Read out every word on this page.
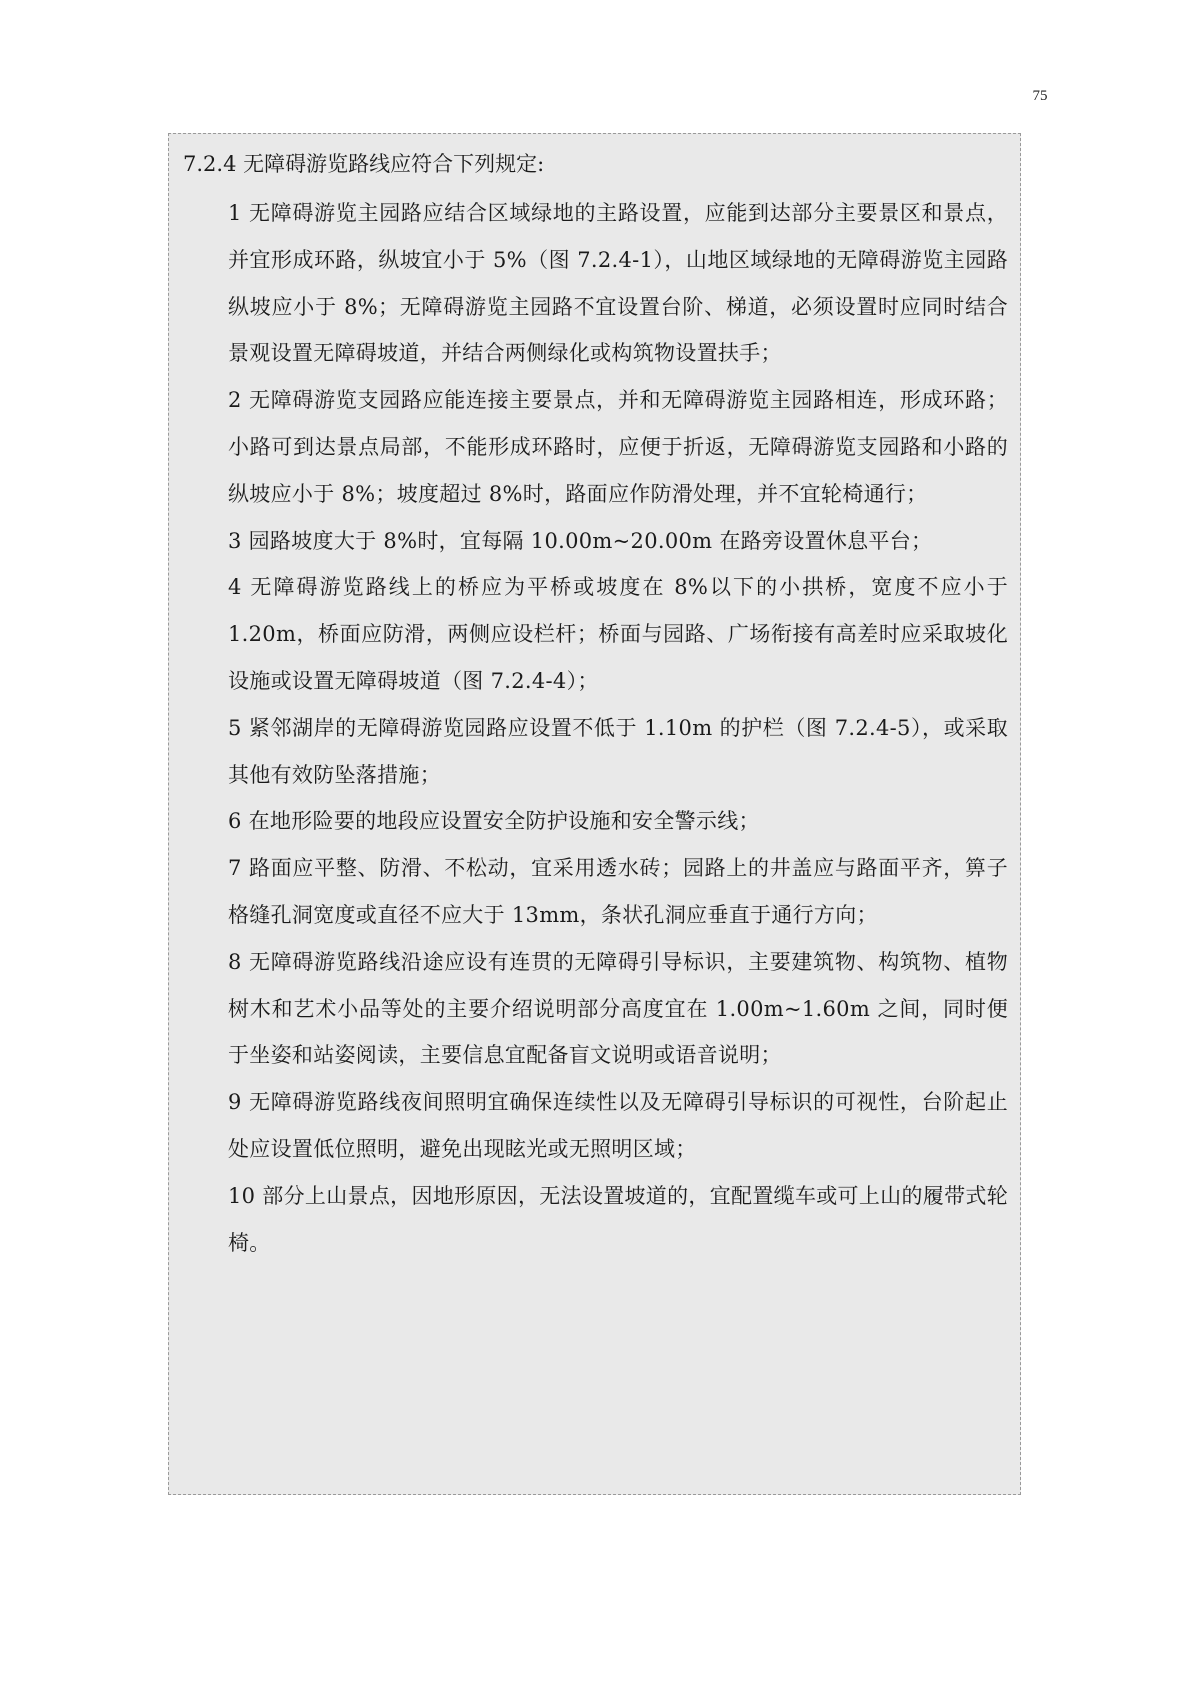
75
7.2.4 无障碍游览路线应符合下列规定:

1 无障碍游览主园路应结合区域绿地的主路设置，应能到达部分主要景区和景点，并宜形成环路，纵坡宜小于 5%（图 7.2.4-1），山地区域绿地的无障碍游览主园路纵坡应小于 8%；无障碍游览主园路不宜设置台阶、梯道，必须设置时应同时结合景观设置无障碍坡道，并结合两侧绿化或构筑物设置扶手；

2 无障碍游览支园路应能连接主要景点，并和无障碍游览主园路相连，形成环路；小路可到达景点局部，不能形成环路时，应便于折返，无障碍游览支园路和小路的纵坡应小于 8%；坡度超过 8%时，路面应作防滑处理，并不宜轮椅通行；

3 园路坡度大于 8%时，宜每隔 10.00m~20.00m 在路旁设置休息平台；

4 无障碍游览路线上的桥应为平桥或坡度在 8%以下的小拱桥，宽度不应小于 1.20m，桥面应防滑，两侧应设栏杆；桥面与园路、广场衔接有高差时应采取坡化设施或设置无障碍坡道（图 7.2.4-4）；

5 紧邻湖岸的无障碍游览园路应设置不低于 1.10m 的护栏（图 7.2.4-5），或采取其他有效防坠落措施；

6 在地形险要的地段应设置安全防护设施和安全警示线；

7 路面应平整、防滑、不松动，宜采用透水砖；园路上的井盖应与路面平齐，箅子格缝孔洞宽度或直径不应大于 13mm，条状孔洞应垂直于通行方向；

8 无障碍游览路线沿途应设有连贯的无障碍引导标识，主要建筑物、构筑物、植物树木和艺术小品等处的主要介绍说明部分高度宜在 1.00m~1.60m 之间，同时便于坐姿和站姿阅读，主要信息宜配备盲文说明或语音说明；

9 无障碍游览路线夜间照明宜确保连续性以及无障碍引导标识的可视性，台阶起止处应设置低位照明，避免出现眩光或无照明区域；

10 部分上山景点，因地形原因，无法设置坡道的，宜配置缆车或可上山的履带式轮椅。
